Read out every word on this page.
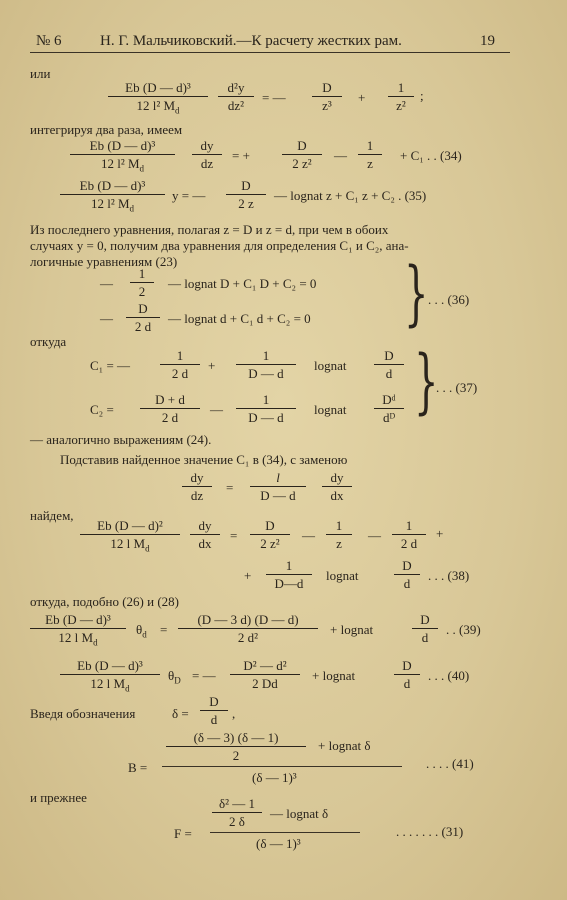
№ 6	Н. Г. Мальчиковский.—К расчету жестких рам.	19
или
Eb (D — d)³
12 l² $M_d$
d²y
dz²
= —
D
z³
+
1
z²
;
интегрируя два раза, имеем
Eb (D — d)³
12 l² $M_d$
dy
dz
= +
D
2 z²
—
1
z
+ C₁ . . (34)
Eb (D — d)³
12 l² $M_d$
y = —
D
2 z
— lognat z + C₁ z + C₂ . (35)
Из последнего уравнения, полагая z = D и z = d, при чем в обоих
случаях y = 0, получим два уравнения для определения C₁ и C₂, ана-
логичные уравнениям (23)
—
1
2
— lognat D + C₁ D + C₂ = 0
—
D
2 d
— lognat d + C₁ d + C₂ = 0 } . . . (36)
откуда
C₁ = —
1
2 d
+
1
D — d
lognat
D
d
C₂ =
D + d
2 d
—
1
D — d
lognat
Dᵈ
dᴰ }
. . . (37)
— аналогично выражениям (24).
Подставив найденное значение C₁ в (34), с заменою
dy
dz
=
l
D — d
dy
dx
найдем,
Eb (D — d)²
12 l $M_d$
dy
dx
=
D
2 z²
—
1
z
—
1
2 d
+
+
1
D—d
lognat
D
d
. . . (38)
откуда, подобно (26) и (28)
Eb (D — d)³
12 l $M_d$
$\theta_d$ =
(D — 3 d) (D — d)
2 d²
+ lognat
D
d
. . (39)
Eb (D — d)³
12 l $M_d$
$\theta_D$ = —
D² — d²
2 Dd
+ lognat
D
d
. . . (40)
Введя обозначения	δ =
D
d	,
(δ — 3) (δ — 1)
2
+ lognat δ
B =
(δ — 1)³
. . . . (41)
и прежнее	δ² — 1
2 δ
— lognat δ
F =
(δ — 1)³
. . . . . . . (31)
